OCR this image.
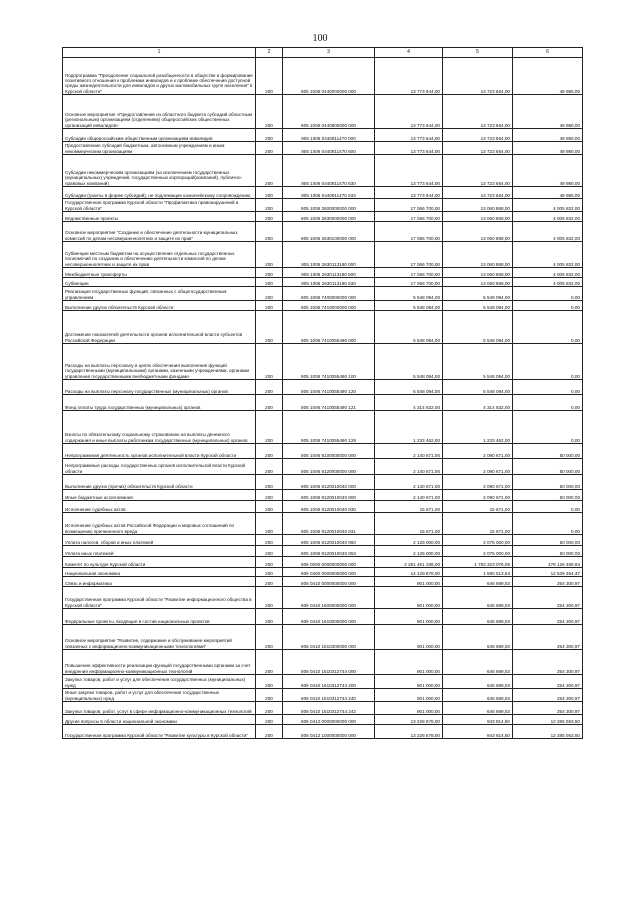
100
1	2	3	4	5	6
Подпрограмма "Преодоление социальной разобщенности в обществе и формирование позитивного отношения к проблемам инвалидов и к проблеме обеспечения доступной среды жизнедеятельности для инвалидов и других маломобильных групп населения" в Курской области"	200	805 1006 0440000000 000	13 773 644,00	13 723 664,00	49 980,00
Основное мероприятие «Предоставление из областного бюджета субсидий областным (региональным) организациям (отделениям) общероссийских общественных организаций инвалидов»	200	805 1006 0440800000 000	13 773 644,00	13 723 664,00	49 980,00
Субсидии общероссийским общественным организациям инвалидов	200	805 1006 0440811470 000	13 773 644,00	13 723 664,00	49 980,00
Предоставление субсидий бюджетным, автономным учреждениям и иным некоммерческим организациям	200	805 1006 0440811470 600	13 773 644,00	13 723 664,00	49 980,00
Субсидии некоммерческим организациям (за исключением государственных (муниципальных) учреждений, государственных корпораций(компаний), публично-правовых компаний)	200	805 1006 0440811470 630	13 773 644,00	13 723 664,00	49 980,00
Субсидии (гранты в форме субсидий), не подлежащие казначейскому сопровождению	200	805 1006 0440811470 633	13 773 644,00	13 723 664,00	49 980,00
Государственная программа Курской области "Профилактика правонарушений в Курской области"	200	805 1006 2600000000 000	17 066 700,00	13 060 868,00	4 005 832,00
Ведомственные проекты	200	805 1006 2630000000 000	17 066 700,00	13 060 868,00	4 005 832,00
Основное мероприятие "Создание и обеспечение деятельности муниципальных комиссий по делам несовершеннолетних и защите их прав"	200	805 1006 2630100000 000	17 066 700,00	13 060 868,00	4 005 832,00
Субвенции местным бюджетам на осуществление отдельных государственных полномочий по созданию и обеспечению деятельности комиссий по делам несовершеннолетних и защите их прав	200	805 1006 2630113180 000	17 066 700,00	13 060 868,00	4 005 832,00
Межбюджетные трансферты	200	805 1006 2630113180 500	17 066 700,00	13 060 868,00	4 005 832,00
Субвенции	200	805 1006 2630113180 530	17 066 700,00	13 060 868,00	4 005 832,00
Реализация государственных функций, связанных с общегосударственным управлением	200	805 1006 7400000000 000	5 548 094,00	5 548 094,00	0,00
Выполнение других обязательств Курской области	200	805 1006 7410000000 000	5 548 094,00	5 548 094,00	0,00
Достижение показателей деятельности органов исполнительной власти субъектов Российской Федерации	200	805 1006 7410055490 000	5 548 094,00	5 548 094,00	0,00
Расходы на выплаты персоналу в целях обеспечения выполнения функций государственными (муниципальными) органами, казенными учреждениями, органами управления государственными внебюджетными фондами	200	805 1006 7410055490 100	5 548 094,00	5 548 094,00	0,00
Расходы на выплаты персоналу государственных (муниципальных) органов	200	805 1006 7410055490 120	5 548 094,00	5 548 094,00	0,00
Фонд оплаты труда государственных (муниципальных) органов	200	805 1006 7410055490 121	4 314 632,00	4 314 632,00	0,00
Взносы по обязательному социальному страхованию на выплаты денежного содержания и иные выплаты работникам государственных (муниципальных) органов	200	805 1006 7410055490 129	1 233 462,00	1 233 462,00	0,00
Непрограммная деятельность органов исполнительной власти Курской области	200	805 1006 8100000000 000	2 140 671,00	2 090 671,00	50 000,00
Непрограммные расходы государственных органов исполнительной власти Курской области	200	805 1006 8120000000 000	2 140 671,00	2 090 671,00	50 000,00
Выполнение других (прочих) обязательств Курской области	200	805 1006 8120010040 000	2 140 671,00	2 090 671,00	50 000,00
Иные бюджетные ассигнования	200	805 1006 8120010040 800	2 140 671,00	2 090 671,00	50 000,00
Исполнение судебных актов	200	805 1006 8120010040 830	15 671,00	15 671,00	0,00
Исполнение судебных актов Российской Федерации и мировых соглашений по возмещению причиненного вреда	200	805 1006 8120010040 831	15 671,00	15 671,00	0,00
Уплата налогов, сборов и иных платежей	200	805 1006 8120010040 850	2 125 000,00	2 075 000,00	50 000,00
Уплата иных платежей	200	805 1006 8120010040 853	2 125 000,00	2 075 000,00	50 000,00
Комитет по культуре Курской области	200	806 0000 0000000000 000	2 261 451 336,00	1 783 323 076,06	478 128 459,94
Национальная экономика	200	806 0400 0000000000 000	14 129 678,00	1 590 513,53	12 539 364,47
Связь и информатика	200	806 0410 0000000000 000	901 000,00	646 699,03	254 300,97
Государственная программа Курской области "Развитие информационного общества в Курской области"	200	806 0410 1600000000 000	901 000,00	646 699,03	254 300,97
Федеральные проекты, входящие в состав национальных проектов	200	806 0410 1610000000 000	901 000,00	646 699,03	254 300,97
Основное мероприятие "Развитие, содержание и обслуживание мероприятий связанных с информационно-коммуникационными технологиями"	200	806 0410 1610300000 000	901 000,00	646 699,03	254 300,97
Повышение эффективности реализации функций государственными органами за счет внедрения информационно-коммуникационных технологий	200	806 0410 1610312744 000	901 000,00	646 699,03	254 300,97
Закупка товаров, работ и услуг для обеспечения государственных (муниципальных) нужд	200	806 0410 1610312744 200	901 000,00	646 699,03	254 300,97
Иные закупки товаров, работ и услуг для обеспечения государственных (муниципальных) нужд	200	806 0410 1610312744 240	901 000,00	646 699,03	254 300,97
Закупка товаров, работ, услуг в сфере информационно-коммуникационных технологий	200	806 0410 1610312744 242	901 000,00	646 699,03	254 300,97
Другие вопросы в области национальной экономики	200	806 0412 0000000000 000	13 228 678,00	943 814,50	12 285 063,50
Государственная программа Курской области "Развитие культуры в Курской области"	200	806 0412 1000000000 000	13 228 678,00	943 814,50	12 285 063,50
